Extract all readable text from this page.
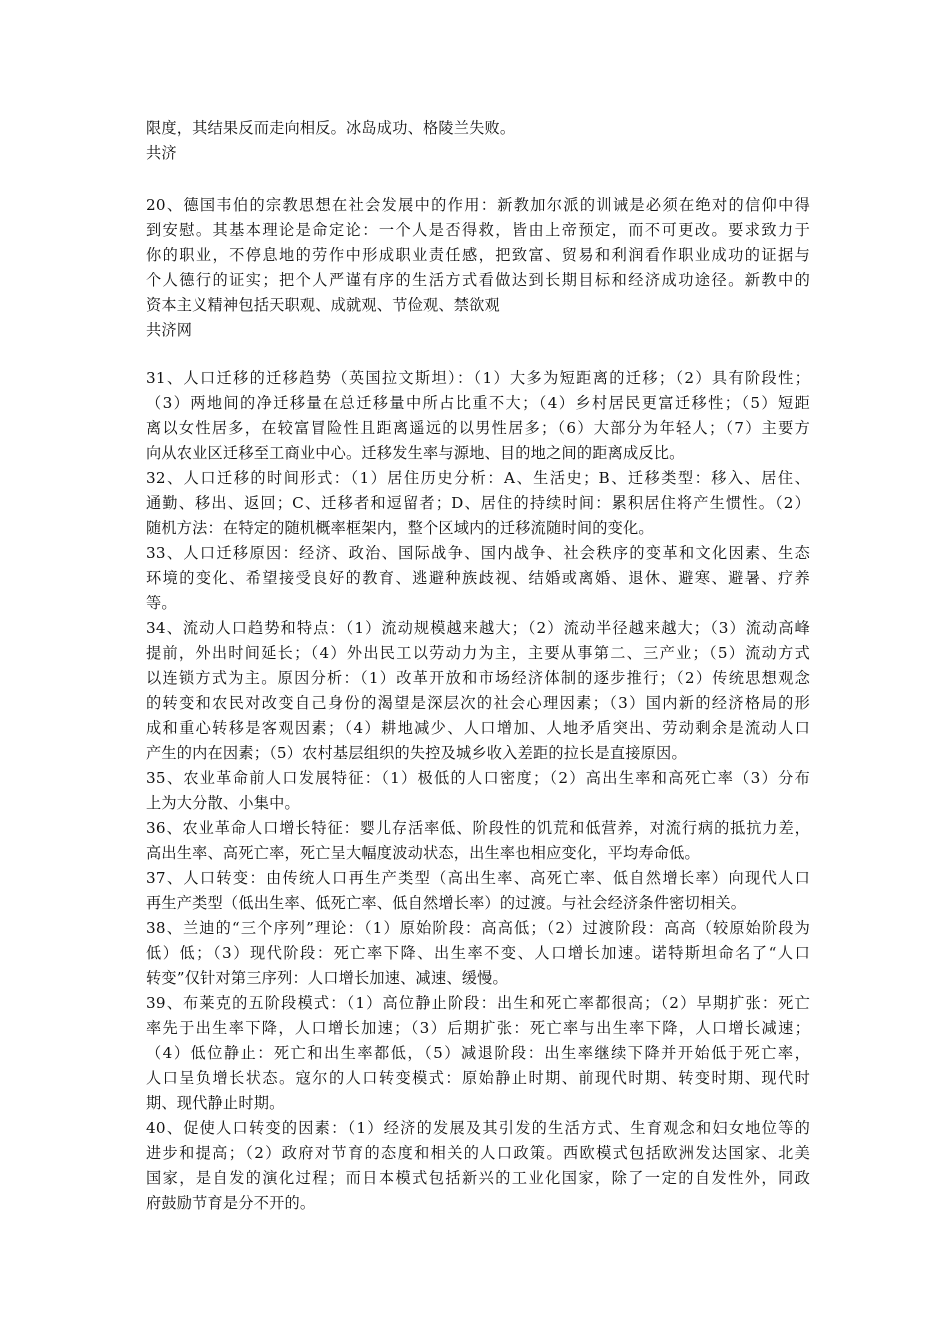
限度，其结果反而走向相反。冰岛成功、格陵兰失败。
共济
20、德国韦伯的宗教思想在社会发展中的作用：新教加尔派的训诫是必须在绝对的信仰中得
到安慰。其基本理论是命定论：一个人是否得救，皆由上帝预定，而不可更改。要求致力于
你的职业，不停息地的劳作中形成职业责任感，把致富、贸易和利润看作职业成功的证据与
个人德行的证实；把个人严谨有序的生活方式看做达到长期目标和经济成功途径。新教中的
资本主义精神包括天职观、成就观、节俭观、禁欲观
共济网
31、人口迁移的迁移趋势（英国拉文斯坦）：（1）大多为短距离的迁移；（2）具有阶段性；
（3）两地间的净迁移量在总迁移量中所占比重不大；（4）乡村居民更富迁移性；（5）短距
离以女性居多，在较富冒险性且距离遥远的以男性居多；（6）大部分为年轻人；（7）主要方
向从农业区迁移至工商业中心。迁移发生率与源地、目的地之间的距离成反比。
32、人口迁移的时间形式：（1）居住历史分析：A、生活史；B、迁移类型：移入、居住、
通勤、移出、返回；C、迁移者和逗留者；D、居住的持续时间：累积居住将产生惯性。（2）
随机方法：在特定的随机概率框架内，整个区域内的迁移流随时间的变化。
33、人口迁移原因：经济、政治、国际战争、国内战争、社会秩序的变革和文化因素、生态
环境的变化、希望接受良好的教育、逃避种族歧视、结婚或离婚、退休、避寒、避暑、疗养
等。
34、流动人口趋势和特点：（1）流动规模越来越大；（2）流动半径越来越大；（3）流动高峰
提前，外出时间延长；（4）外出民工以劳动力为主，主要从事第二、三产业；（5）流动方式
以连锁方式为主。原因分析：（1）改革开放和市场经济体制的逐步推行；（2）传统思想观念
的转变和农民对改变自己身份的渴望是深层次的社会心理因素；（3）国内新的经济格局的形
成和重心转移是客观因素；（4）耕地减少、人口增加、人地矛盾突出、劳动剩余是流动人口
产生的内在因素；（5）农村基层组织的失控及城乡收入差距的拉长是直接原因。
35、农业革命前人口发展特征：（1）极低的人口密度；（2）高出生率和高死亡率（3）分布
上为大分散、小集中。
36、农业革命人口增长特征：婴儿存活率低、阶段性的饥荒和低营养，对流行病的抵抗力差，
高出生率、高死亡率，死亡呈大幅度波动状态，出生率也相应变化，平均寿命低。
37、人口转变：由传统人口再生产类型（高出生率、高死亡率、低自然增长率）向现代人口
再生产类型（低出生率、低死亡率、低自然增长率）的过渡。与社会经济条件密切相关。
38、兰迪的“三个序列”理论：（1）原始阶段：高高低；（2）过渡阶段：高高（较原始阶段为
低）低；（3）现代阶段：死亡率下降、出生率不变、人口增长加速。诺特斯坦命名了“人口
转变”仅针对第三序列：人口增长加速、减速、缓慢。
39、布莱克的五阶段模式：（1）高位静止阶段：出生和死亡率都很高；（2）早期扩张：死亡
率先于出生率下降，人口增长加速；（3）后期扩张：死亡率与出生率下降，人口增长减速；
（4）低位静止：死亡和出生率都低，（5）减退阶段：出生率继续下降并开始低于死亡率，
人口呈负增长状态。寇尔的人口转变模式：原始静止时期、前现代时期、转变时期、现代时
期、现代静止时期。
40、促使人口转变的因素：（1）经济的发展及其引发的生活方式、生育观念和妇女地位等的
进步和提高；（2）政府对节育的态度和相关的人口政策。西欧模式包括欧洲发达国家、北美
国家，是自发的演化过程；而日本模式包括新兴的工业化国家，除了一定的自发性外，同政
府鼓励节育是分不开的。
